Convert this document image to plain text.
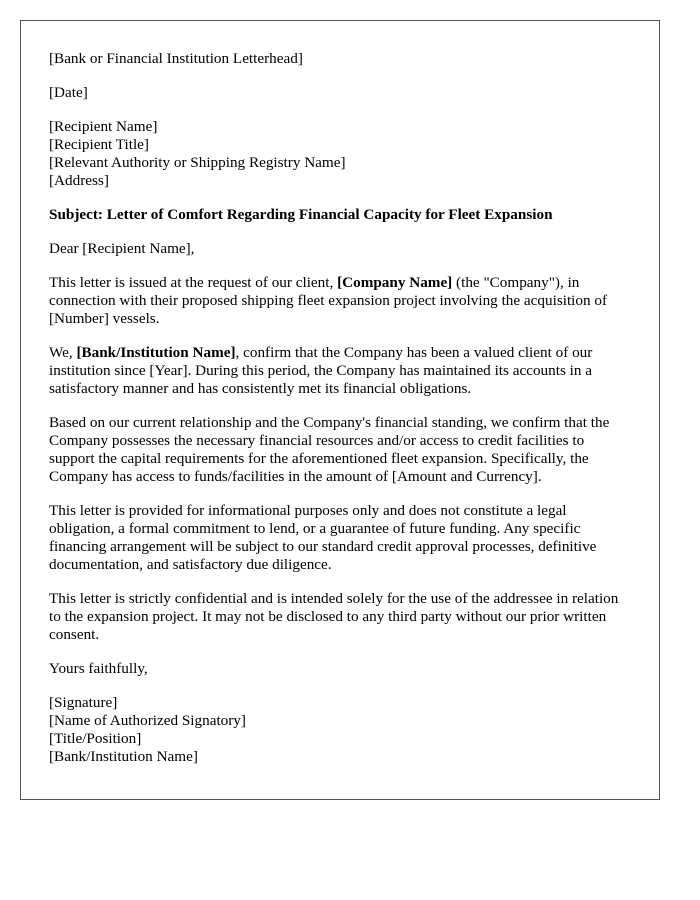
[Bank or Financial Institution Letterhead]

[Date]

[Recipient Name]
[Recipient Title]
[Relevant Authority or Shipping Registry Name]
[Address]

Subject: Letter of Comfort Regarding Financial Capacity for Fleet Expansion

Dear [Recipient Name],

This letter is issued at the request of our client, [Company Name] (the "Company"), in connection with their proposed shipping fleet expansion project involving the acquisition of [Number] vessels.

We, [Bank/Institution Name], confirm that the Company has been a valued client of our institution since [Year]. During this period, the Company has maintained its accounts in a satisfactory manner and has consistently met its financial obligations.

Based on our current relationship and the Company's financial standing, we confirm that the Company possesses the necessary financial resources and/or access to credit facilities to support the capital requirements for the aforementioned fleet expansion. Specifically, the Company has access to funds/facilities in the amount of [Amount and Currency].

This letter is provided for informational purposes only and does not constitute a legal obligation, a formal commitment to lend, or a guarantee of future funding. Any specific financing arrangement will be subject to our standard credit approval processes, definitive documentation, and satisfactory due diligence.

This letter is strictly confidential and is intended solely for the use of the addressee in relation to the expansion project. It may not be disclosed to any third party without our prior written consent.

Yours faithfully,

[Signature]
[Name of Authorized Signatory]
[Title/Position]
[Bank/Institution Name]
